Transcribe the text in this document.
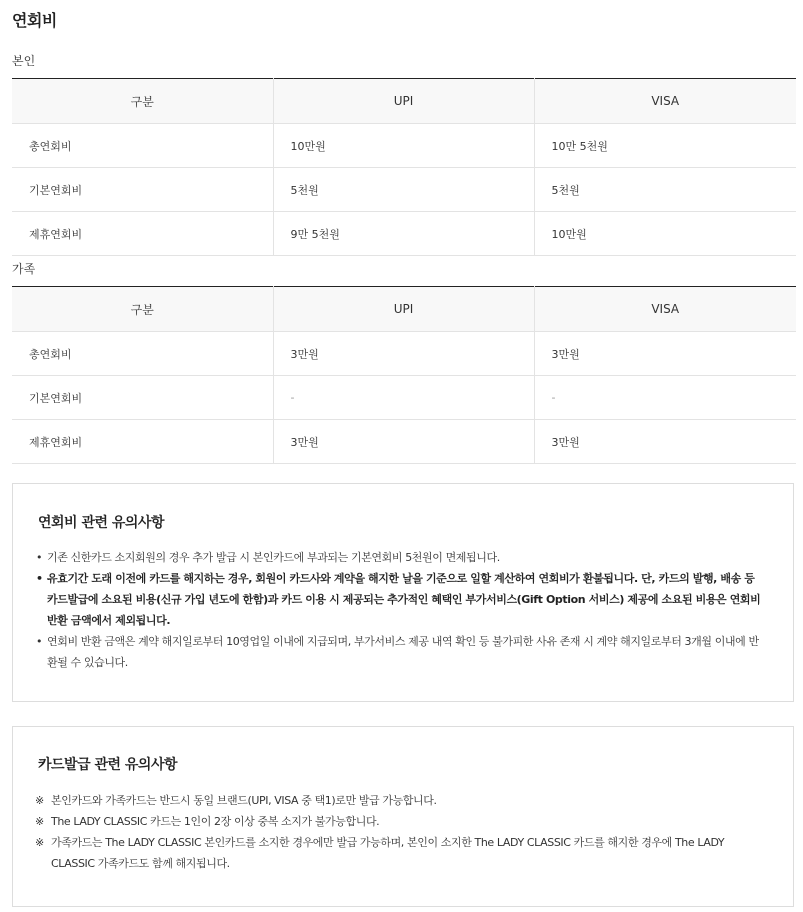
연회비
본인
구분	UPI	VISA
총연회비	10만원	10만 5천원
기본연회비	5천원	5천원
제휴연회비	9만 5천원	10만원
가족
구분	UPI	VISA
총연회비	3만원	3만원
기본연회비	-	-
제휴연회비	3만원	3만원
연회비 관련 유의사항
• 기존 신한카드 소지회원의 경우 추가 발급 시 본인카드에 부과되는 기본연회비 5천원이 면제됩니다.
• 유효기간 도래 이전에 카드를 해지하는 경우, 회원이 카드사와 계약을 해지한 날을 기준으로 일할 계산하여 연회비가 환불됩니다. 단, 카드의 발행, 배송 등 카드발급에 소요된 비용(신규 가입 년도에 한함)과 카드 이용 시 제공되는 추가적인 혜택인 부가서비스(Gift Option 서비스) 제공에 소요된 비용은 연회비 반환 금액에서 제외됩니다.
• 연회비 반환 금액은 계약 해지일로부터 10영업일 이내에 지급되며, 부가서비스 제공 내역 확인 등 불가피한 사유 존재 시 계약 해지일로부터 3개월 이내에 반환될 수 있습니다.
카드발급 관련 유의사항
※ 본인카드와 가족카드는 반드시 동일 브랜드(UPI, VISA 중 택1)로만 발급 가능합니다.
※ The LADY CLASSIC 카드는 1인이 2장 이상 중복 소지가 불가능합니다.
※ 가족카드는 The LADY CLASSIC 본인카드를 소지한 경우에만 발급 가능하며, 본인이 소지한 The LADY CLASSIC 카드를 해지한 경우에 The LADY CLASSIC 가족카드도 함께 해지됩니다.
